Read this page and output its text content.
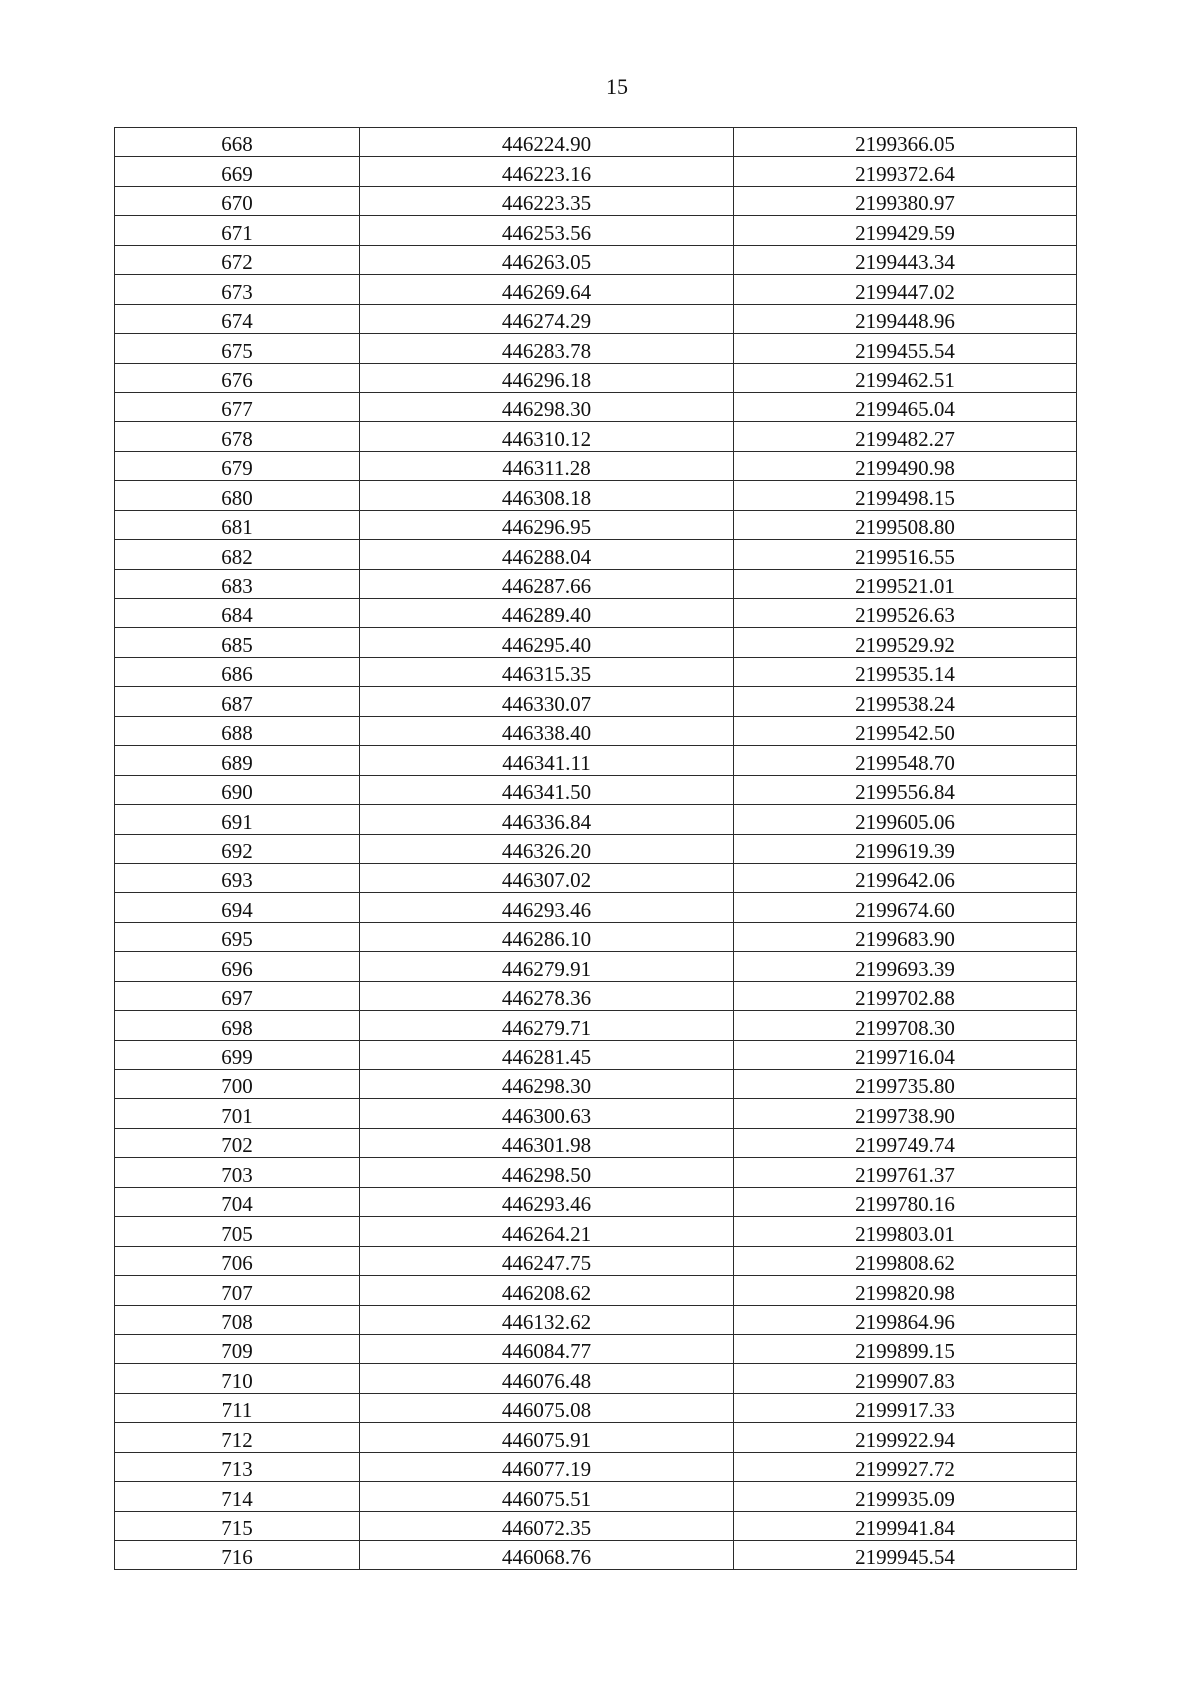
15
668	446224.90	2199366.05
669	446223.16	2199372.64
670	446223.35	2199380.97
671	446253.56	2199429.59
672	446263.05	2199443.34
673	446269.64	2199447.02
674	446274.29	2199448.96
675	446283.78	2199455.54
676	446296.18	2199462.51
677	446298.30	2199465.04
678	446310.12	2199482.27
679	446311.28	2199490.98
680	446308.18	2199498.15
681	446296.95	2199508.80
682	446288.04	2199516.55
683	446287.66	2199521.01
684	446289.40	2199526.63
685	446295.40	2199529.92
686	446315.35	2199535.14
687	446330.07	2199538.24
688	446338.40	2199542.50
689	446341.11	2199548.70
690	446341.50	2199556.84
691	446336.84	2199605.06
692	446326.20	2199619.39
693	446307.02	2199642.06
694	446293.46	2199674.60
695	446286.10	2199683.90
696	446279.91	2199693.39
697	446278.36	2199702.88
698	446279.71	2199708.30
699	446281.45	2199716.04
700	446298.30	2199735.80
701	446300.63	2199738.90
702	446301.98	2199749.74
703	446298.50	2199761.37
704	446293.46	2199780.16
705	446264.21	2199803.01
706	446247.75	2199808.62
707	446208.62	2199820.98
708	446132.62	2199864.96
709	446084.77	2199899.15
710	446076.48	2199907.83
711	446075.08	2199917.33
712	446075.91	2199922.94
713	446077.19	2199927.72
714	446075.51	2199935.09
715	446072.35	2199941.84
716	446068.76	2199945.54
